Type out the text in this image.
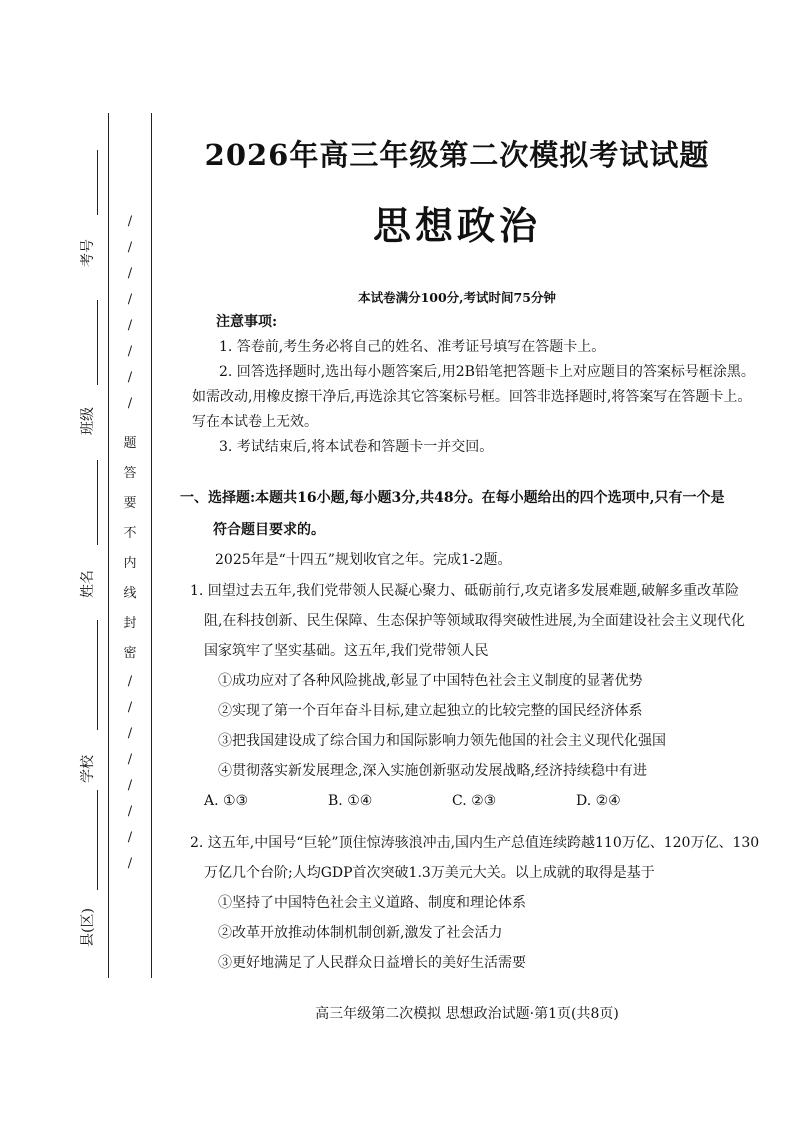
考号
班级
姓名
学校
县(区)
/
/
/
/
/
/
/
/
题
答
要
不
内
线
封
密
/
/
/
/
/
/
/
/
2026年高三年级第二次模拟考试试题
思想政治
本试卷满分100分,考试时间75分钟

注意事项:

1. 答卷前,考生务必将自己的姓名、准考证号填写在答题卡上。

2. 回答选择题时,选出每小题答案后,用2B铅笔把答题卡上对应题目的答案标号框涂黑。如需改动,用橡皮擦干净后,再选涂其它答案标号框。回答非选择题时,将答案写在答题卡上。写在本试卷上无效。

3. 考试结束后,将本试卷和答题卡一并交回。

一、选择题:本题共16小题,每小题3分,共48分。在每小题给出的四个选项中,只有一个是
符合题目要求的。
2025年是“十四五”规划收官之年。完成1-2题。

1. 回望过去五年,我们党带领人民凝心聚力、砥砺前行,攻克诸多发展难题,破解多重改革险

阻,在科技创新、民生保障、生态保护等领域取得突破性进展,为全面建设社会主义现代化

国家筑牢了坚实基础。这五年,我们党带领人民

①成功应对了各种风险挑战,彰显了中国特色社会主义制度的显著优势

②实现了第一个百年奋斗目标,建立起独立的比较完整的国民经济体系

③把我国建设成了综合国力和国际影响力领先他国的社会主义现代化强国

④贯彻落实新发展理念,深入实施创新驱动发展战略,经济持续稳中有进

A. ①③	B. ①④	C. ②③	D. ②④

2. 这五年,中国号“巨轮”顶住惊涛骇浪冲击,国内生产总值连续跨越110万亿、120万亿、130

万亿几个台阶;人均GDP首次突破1.3万美元大关。以上成就的取得是基于

①坚持了中国特色社会主义道路、制度和理论体系

②改革开放推动体制机制创新,激发了社会活力

③更好地满足了人民群众日益增长的美好生活需要

高三年级第二次模拟 思想政治试题·第1页(共8页)
